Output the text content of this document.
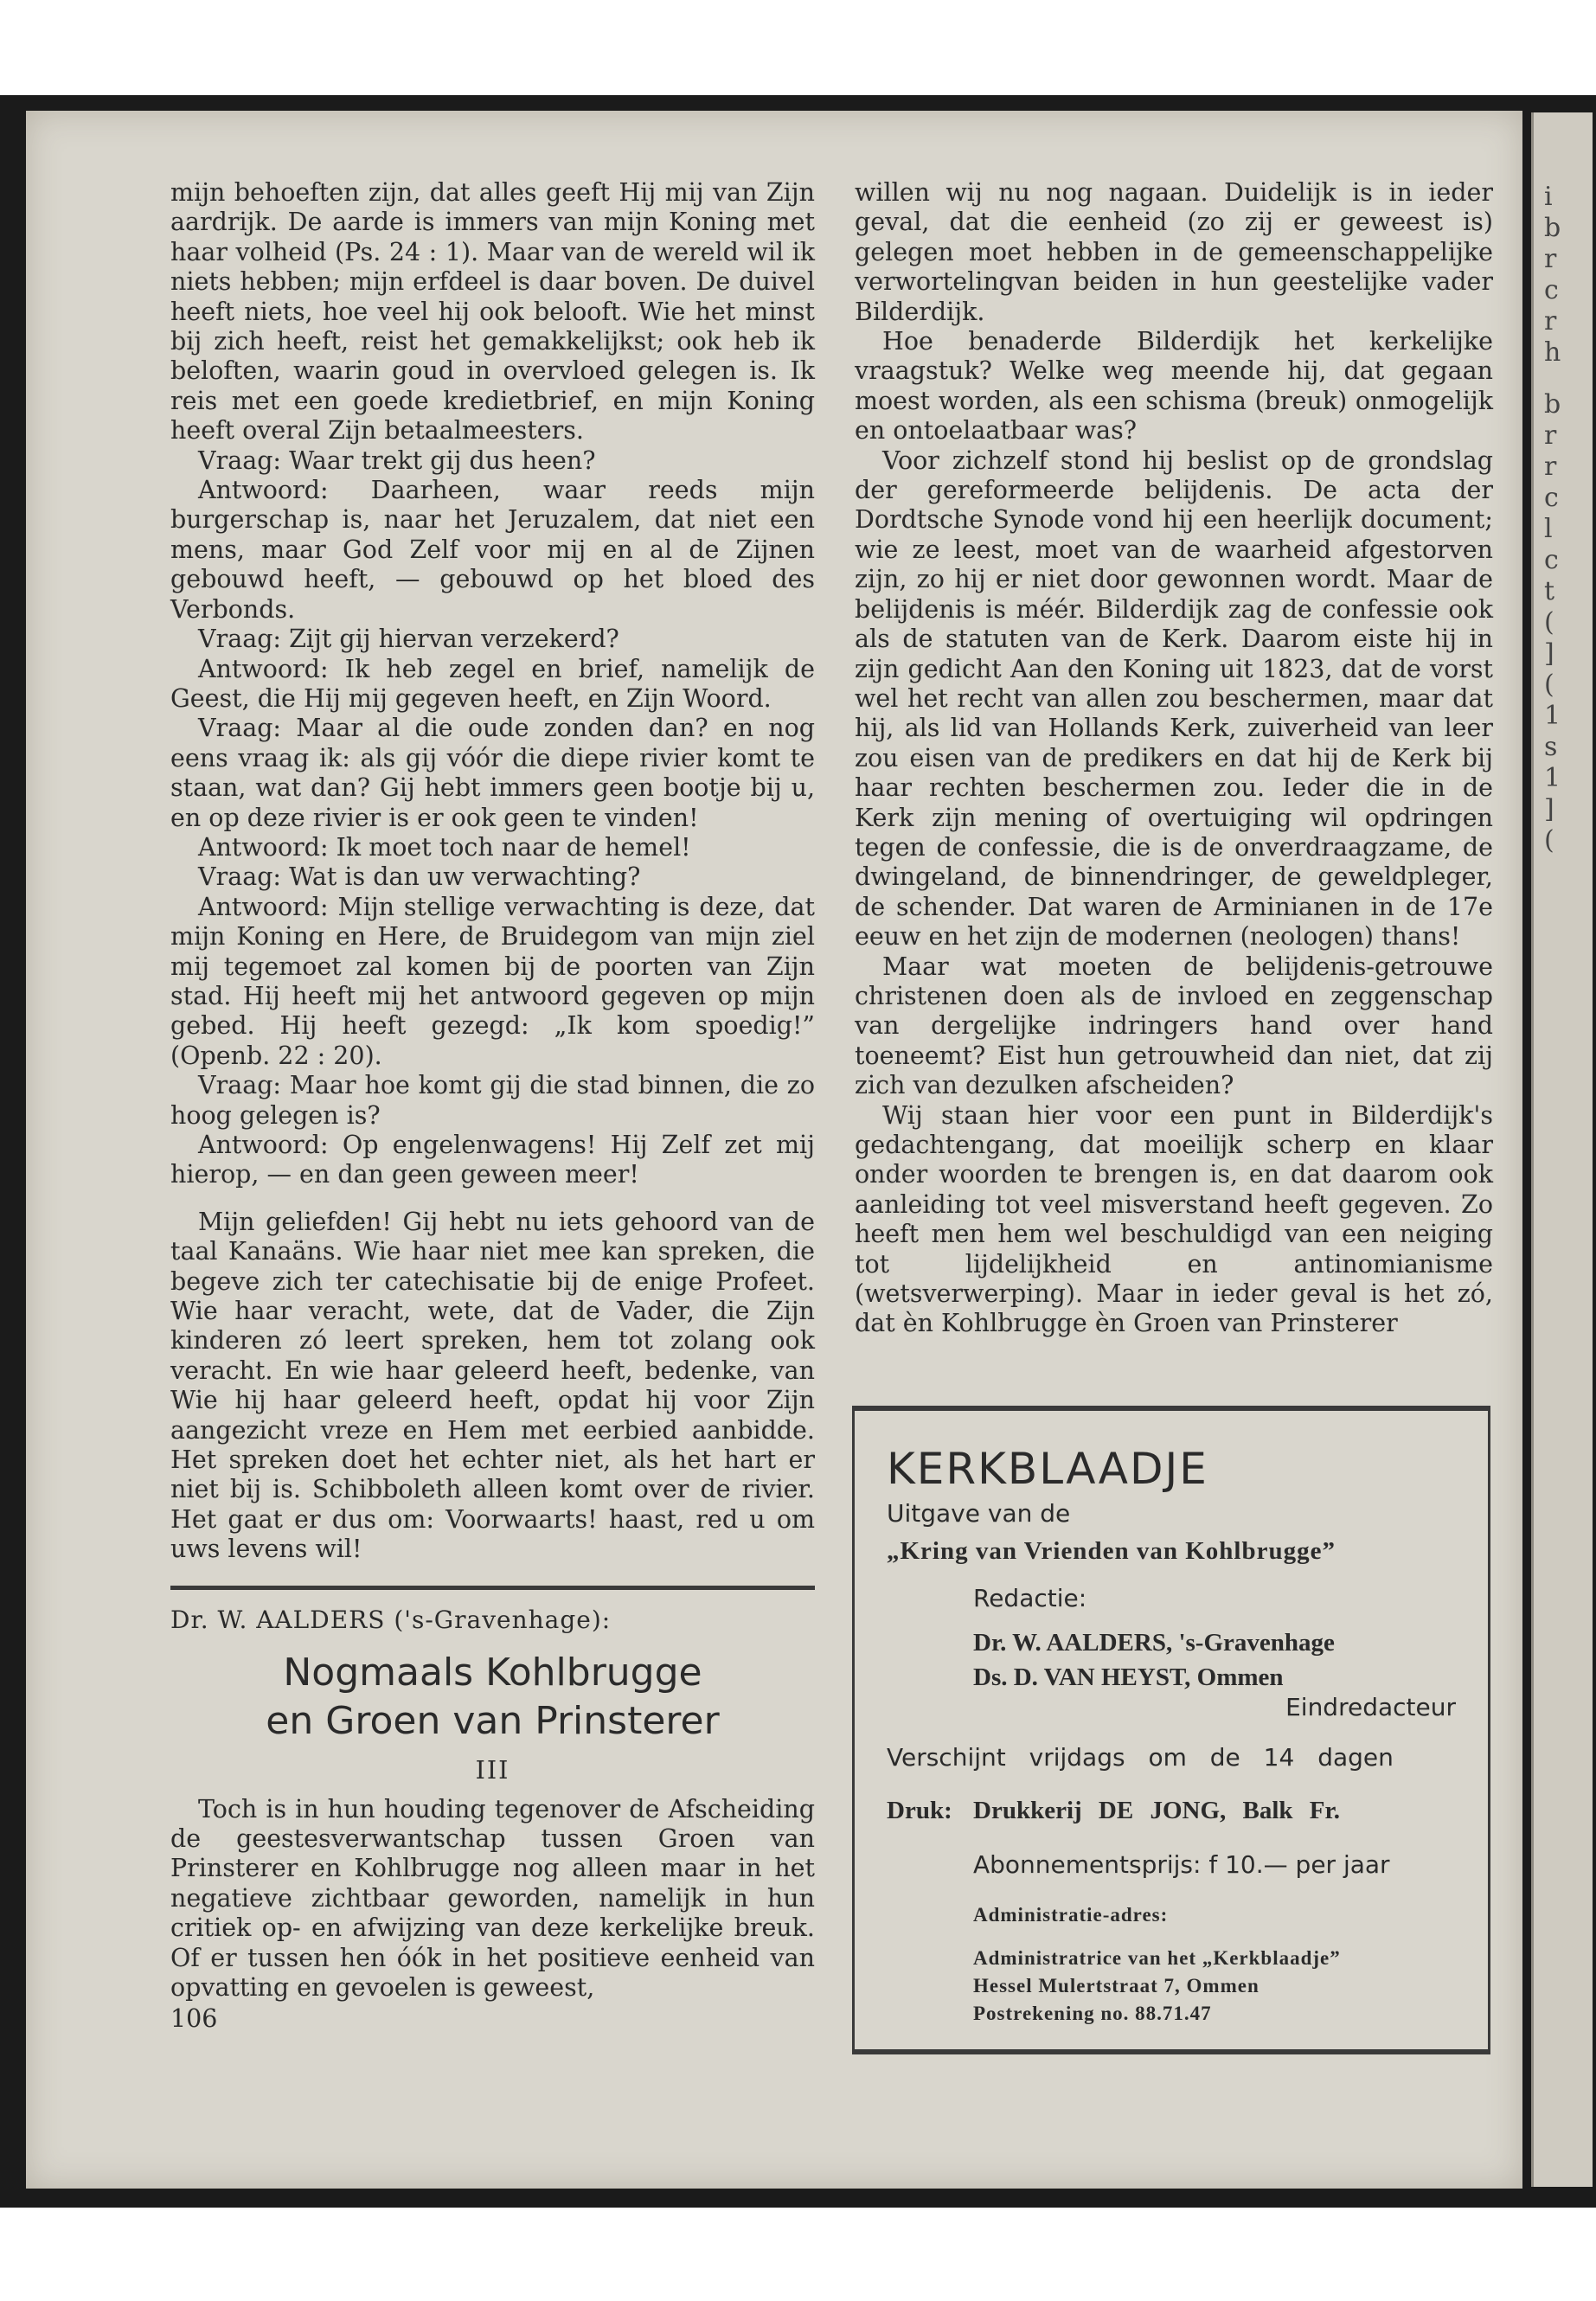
i
b
r
c
r
h
b
r
r
c
l
c
t
(
]
(
1
s
1
]
(

mijn behoeften zijn, dat alles geeft Hij mij van Zijn aardrijk. De aarde is immers van mijn Koning met haar volheid (Ps. 24 : 1). Maar van de wereld wil ik niets hebben; mijn erfdeel is daar boven. De duivel heeft niets, hoe veel hij ook belooft. Wie het minst bij zich heeft, reist het gemakkelijkst; ook heb ik beloften, waarin goud in overvloed gelegen is. Ik reis met een goede kredietbrief, en mijn Koning heeft overal Zijn betaalmeesters.

Vraag: Waar trekt gij dus heen?

Antwoord: Daarheen, waar reeds mijn burgerschap is, naar het Jeruzalem, dat niet een mens, maar God Zelf voor mij en al de Zijnen gebouwd heeft, — gebouwd op het bloed des Verbonds.

Vraag: Zijt gij hiervan verzekerd?

Antwoord: Ik heb zegel en brief, namelijk de Geest, die Hij mij gegeven heeft, en Zijn Woord.

Vraag: Maar al die oude zonden dan? en nog eens vraag ik: als gij vóór die diepe rivier komt te staan, wat dan? Gij hebt immers geen bootje bij u, en op deze rivier is er ook geen te vinden!

Antwoord: Ik moet toch naar de hemel!

Vraag: Wat is dan uw verwachting?

Antwoord: Mijn stellige verwachting is deze, dat mijn Koning en Here, de Bruidegom van mijn ziel mij tegemoet zal komen bij de poorten van Zijn stad. Hij heeft mij het antwoord gegeven op mijn gebed. Hij heeft gezegd: „Ik kom spoedig!” (Openb. 22 : 20).

Vraag: Maar hoe komt gij die stad binnen, die zo hoog gelegen is?

Antwoord: Op engelenwagens! Hij Zelf zet mij hierop, — en dan geen geween meer!

Mijn geliefden! Gij hebt nu iets gehoord van de taal Kanaäns. Wie haar niet mee kan spreken, die begeve zich ter catechisatie bij de enige Profeet. Wie haar veracht, wete, dat de Vader, die Zijn kinderen zó leert spreken, hem tot zolang ook veracht. En wie haar geleerd heeft, bedenke, van Wie hij haar geleerd heeft, opdat hij voor Zijn aangezicht vreze en Hem met eerbied aanbidde. Het spreken doet het echter niet, als het hart er niet bij is. Schibboleth alleen komt over de rivier. Het gaat er dus om: Voorwaarts! haast, red u om uws levens wil!

Dr. W. AALDERS ('s-Gravenhage):
Nogmaals Kohlbrugge
en Groen van Prinsterer
III

Toch is in hun houding tegenover de Afscheiding de geestesverwantschap tussen Groen van Prinsterer en Kohlbrugge nog alleen maar in het negatieve zichtbaar geworden, namelijk in hun critiek op- en afwijzing van deze kerkelijke breuk. Of er tussen hen óók in het positieve eenheid van opvatting en gevoelen is geweest,

106

willen wij nu nog nagaan. Duidelijk is in ieder geval, dat die eenheid (zo zij er geweest is) gelegen moet hebben in de gemeenschappelijke verwortelingvan beiden in hun geestelijke vader Bilderdijk.

Hoe benaderde Bilderdijk het kerkelijke vraagstuk? Welke weg meende hij, dat gegaan moest worden, als een schisma (breuk) onmogelijk en ontoelaatbaar was?

Voor zichzelf stond hij beslist op de grondslag der gereformeerde belijdenis. De acta der Dordtsche Synode vond hij een heerlijk document; wie ze leest, moet van de waarheid afgestorven zijn, zo hij er niet door gewonnen wordt. Maar de belijdenis is méér. Bilderdijk zag de confessie ook als de statuten van de Kerk. Daarom eiste hij in zijn gedicht Aan den Koning uit 1823, dat de vorst wel het recht van allen zou beschermen, maar dat hij, als lid van Hollands Kerk, zuiverheid van leer zou eisen van de predikers en dat hij de Kerk bij haar rechten beschermen zou. Ieder die in de Kerk zijn mening of overtuiging wil opdringen tegen de confessie, die is de onverdraagzame, de dwingeland, de binnendringer, de geweldpleger, de schender. Dat waren de Arminianen in de 17e eeuw en het zijn de modernen (neologen) thans!

Maar wat moeten de belijdenis-getrouwe christenen doen als de invloed en zeggenschap van dergelijke indringers hand over hand toeneemt? Eist hun getrouwheid dan niet, dat zij zich van dezulken afscheiden?

Wij staan hier voor een punt in Bilderdijk's gedachtengang, dat moeilijk scherp en klaar onder woorden te brengen is, en dat daarom ook aanleiding tot veel misverstand heeft gegeven. Zo heeft men hem wel beschuldigd van een neiging tot lijdelijkheid en antinomianisme (wetsverwerping). Maar in ieder geval is het zó, dat èn Kohlbrugge èn Groen van Prinsterer

KERKBLAADJE
Uitgave van de
„Kring van Vrienden van Kohlbrugge”
Redactie:
Dr. W. AALDERS, 's-Gravenhage
Ds. D. VAN HEYST, Ommen
Eindredacteur
Verschijnt vrijdags om de 14 dagen
Druk: Drukkerij DE JONG, Balk Fr.
Abonnementsprijs: f 10.— per jaar
Administratie-adres:
Administratrice van het „Kerkblaadje”
Hessel Mulertstraat 7, Ommen
Postrekening no. 88.71.47
